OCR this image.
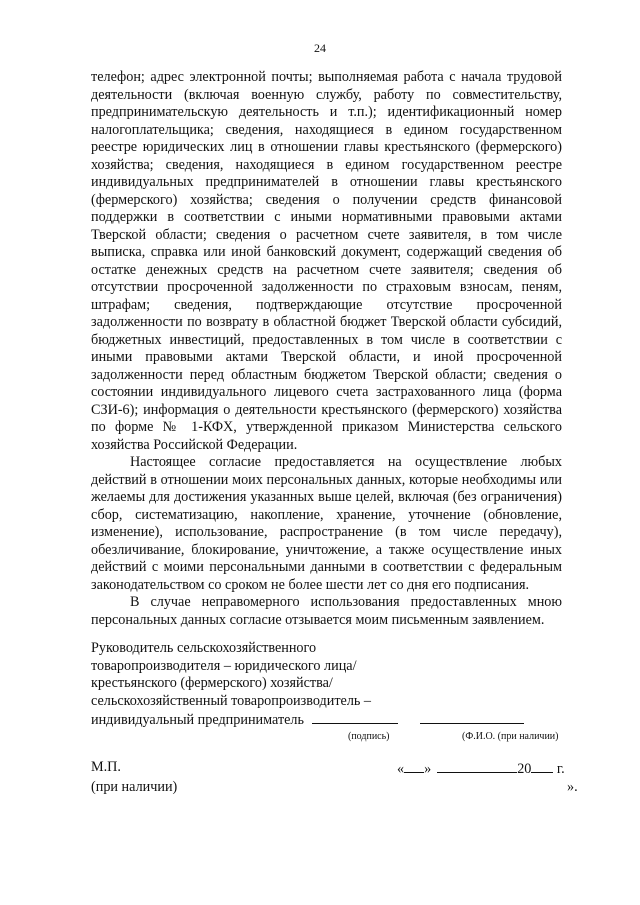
24

телефон; адрес электронной почты; выполняемая работа с начала трудовой деятельности (включая военную службу, работу по совместительству, предпринимательскую деятельность и т.п.); идентификационный номер налогоплательщика; сведения, находящиеся в едином государственном реестре юридических лиц в отношении главы крестьянского (фермерского) хозяйства; сведения, находящиеся в едином государственном реестре индивидуальных предпринимателей в отношении главы крестьянского (фермерского) хозяйства; сведения о получении средств финансовой поддержки в соответствии с иными нормативными правовыми актами Тверской области; сведения о расчетном счете заявителя, в том числе выписка, справка или иной банковский документ, содержащий сведения об остатке денежных средств на расчетном счете заявителя; сведения об отсутствии просроченной задолженности по страховым взносам, пеням, штрафам; сведения, подтверждающие отсутствие просроченной задолженности по возврату в областной бюджет Тверской области субсидий, бюджетных инвестиций, предоставленных в том числе в соответствии с иными правовыми актами Тверской области, и иной просроченной задолженности перед областным бюджетом Тверской области; сведения о состоянии индивидуального лицевого счета застрахованного лица (форма СЗИ-6); информация о деятельности крестьянского (фермерского) хозяйства по форме № 1-КФХ, утвержденной приказом Министерства сельского хозяйства Российской Федерации.

Настоящее согласие предоставляется на осуществление любых действий в отношении моих персональных данных, которые необходимы или желаемы для достижения указанных выше целей, включая (без ограничения) сбор, систематизацию, накопление, хранение, уточнение (обновление, изменение), использование, распространение (в том числе передачу), обезличивание, блокирование, уничтожение, а также осуществление иных действий с моими персональными данными в соответствии с федеральным законодательством со сроком не более шести лет со дня его подписания.

В случае неправомерного использования предоставленных мною персональных данных согласие отзывается моим письменным заявлением.

Руководитель сельскохозяйственного
товаропроизводителя – юридического лица/
крестьянского (фермерского) хозяйства/
сельскохозяйственный товаропроизводитель –
индивидуальный предприниматель
(подпись)	(Ф.И.О. (при наличии)
М.П.
(при наличии)
« »	20 г.
».
